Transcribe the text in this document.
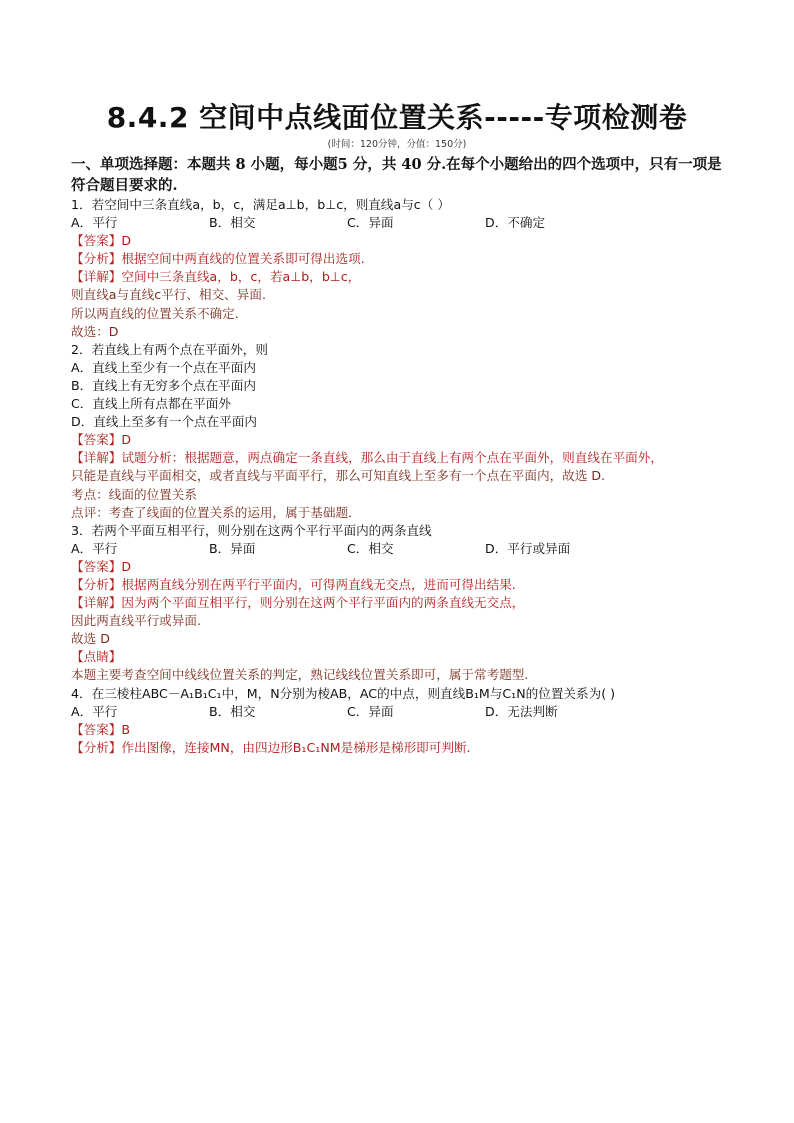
8.4.2 空间中点线面位置关系-----专项检测卷
(时间：120分钟，分值：150分)
一、单项选择题：本题共 8 小题，每小题5 分，共 40 分.在每个小题给出的四个选项中，只有一项是符合题目要求的.
1．若空间中三条直线a，b，c，满足a⊥b，b⊥c，则直线a与c（ ）
A．平行	B．相交	C．异面	D．不确定
【答案】D
【分析】根据空间中两直线的位置关系即可得出选项.
【详解】空间中三条直线a，b，c，若a⊥b，b⊥c，
则直线a与直线c平行、相交、异面.
所以两直线的位置关系不确定.
故选：D
2．若直线上有两个点在平面外，则
A．直线上至少有一个点在平面内
B．直线上有无穷多个点在平面内
C．直线上所有点都在平面外
D．直线上至多有一个点在平面内
【答案】D
【详解】试题分析：根据题意，两点确定一条直线，那么由于直线上有两个点在平面外，则直线在平面外，
只能是直线与平面相交，或者直线与平面平行，那么可知直线上至多有一个点在平面内，故选 D.
考点：线面的位置关系
点评：考查了线面的位置关系的运用，属于基础题．
3．若两个平面互相平行，则分别在这两个平行平面内的两条直线
A．平行	B．异面	C．相交	D．平行或异面
【答案】D
【分析】根据两直线分别在两平行平面内，可得两直线无交点，进而可得出结果.
【详解】因为两个平面互相平行，则分别在这两个平行平面内的两条直线无交点，
因此两直线平行或异面.
故选 D
【点睛】
本题主要考查空间中线线位置关系的判定，熟记线线位置关系即可，属于常考题型.
4．在三棱柱ABC－A₁B₁C₁中，M，N分别为棱AB，AC的中点，则直线B₁M与C₁N的位置关系为( )
A．平行	B．相交	C．异面	D．无法判断
【答案】B
【分析】作出图像，连接MN，由四边形B₁C₁NM是梯形是梯形即可判断.
